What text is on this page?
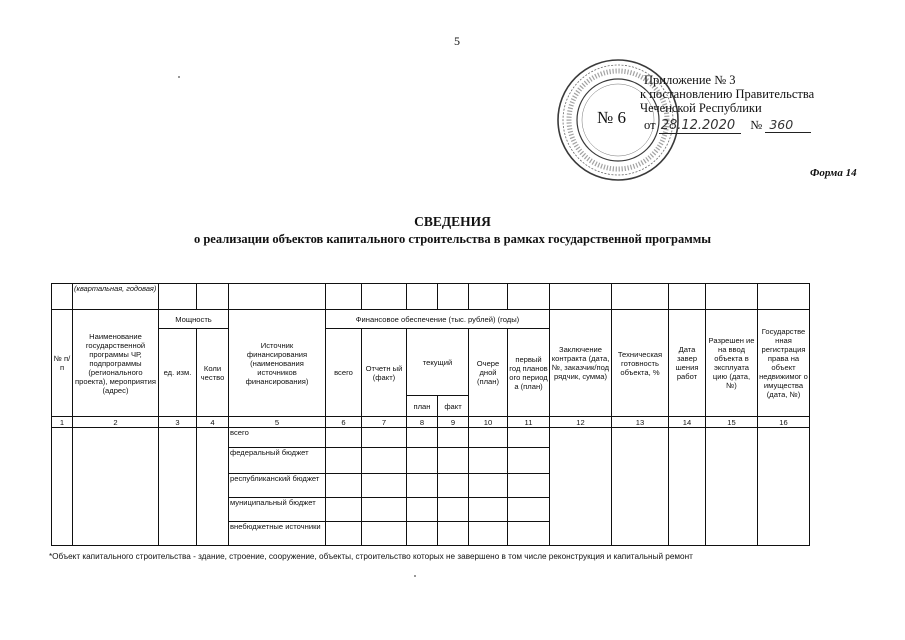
5
№ 6
Приложение № 3
к постановлению Правительства
Чеченской Республики
от 28.12.2020 № 360
Форма 14
СВЕДЕНИЯ
о реализации объектов капитального строительства в рамках государственной программы
	(квартальная, годовая)														
№ п/п	Наименование государственной программы ЧР, подпрограммы (регионального проекта), мероприятия (адрес)	Мощность		Источник финансирования (наименования источников финансирования)	Финансовое обеспечение (тыс. рублей) (годы)						Заключение контракта (дата, №, заказчик/под рядчик, сумма)	Техническая готовность объекта, %	Дата завер шения работ	Разрешен ие на ввод объекта в эксплуата цию (дата, №)	Государстве нная регистрация права на объект недвижимог о имущества (дата, №)
		ед. изм.	Коли чество		всего	Отчетн ый (факт)	текущий		Очере дной (план)	первый год планов ого период а (план)					
							план	факт							
1	2	3	4	5	6	7	8	9	10	11	12	13	14	15	16
				всего											
				федеральный бюджет											
				республиканский бюджет											
				муниципальный бюджет											
				внебюджетные источники											
*Объект капитального строительства - здание, строение, сооружение, объекты, строительство которых не завершено в том числе реконструкция и капитальный ремонт
